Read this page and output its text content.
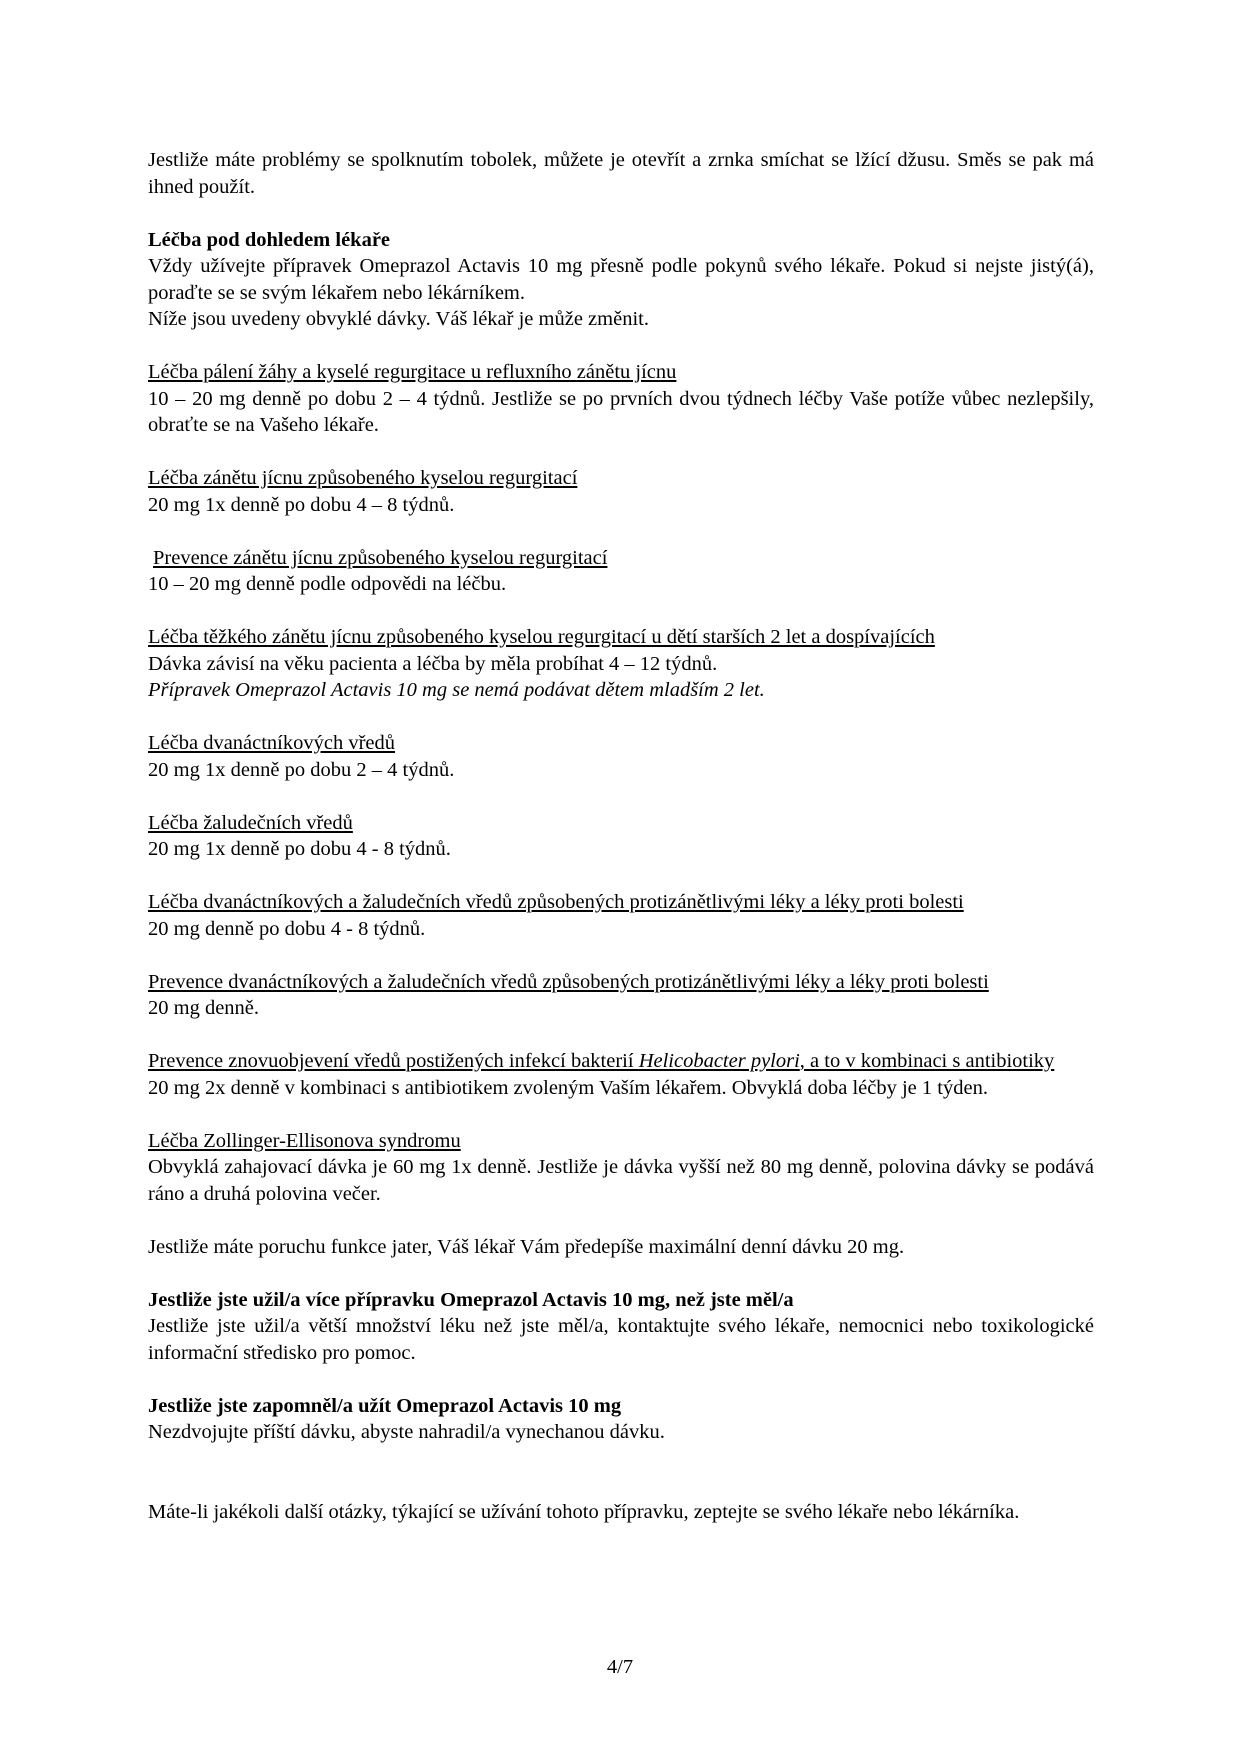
Jestliže máte problémy se spolknutím tobolek, můžete je otevřít a zrnka smíchat se lžící džusu. Směs se pak má ihned použít.

Léčba pod dohledem lékaře

Vždy užívejte přípravek Omeprazol Actavis 10 mg přesně podle pokynů svého lékaře. Pokud si nejste jistý(á), poraďte se se svým lékařem nebo lékárníkem.

Níže jsou uvedeny obvyklé dávky. Váš lékař je může změnit.

Léčba pálení žáhy a kyselé regurgitace u refluxního zánětu jícnu

10 – 20 mg denně po dobu 2 – 4 týdnů. Jestliže se po prvních dvou týdnech léčby Vaše potíže vůbec nezlepšily, obraťte se na Vašeho lékaře.

Léčba zánětu jícnu způsobeného kyselou regurgitací

20 mg 1x denně po dobu 4 – 8 týdnů.

Prevence zánětu jícnu způsobeného kyselou regurgitací

10 – 20 mg denně podle odpovědi na léčbu.

Léčba těžkého zánětu jícnu způsobeného kyselou regurgitací u dětí starších 2 let a dospívajících

Dávka závisí na věku pacienta a léčba by měla probíhat 4 – 12 týdnů.

Přípravek Omeprazol Actavis 10 mg se nemá podávat dětem mladším 2 let.

Léčba dvanáctníkových vředů

20 mg 1x denně po dobu 2 – 4 týdnů.

Léčba žaludečních vředů

20 mg 1x denně po dobu 4 - 8 týdnů.

Léčba dvanáctníkových a žaludečních vředů způsobených protizánětlivými léky a léky proti bolesti

20 mg denně po dobu 4 - 8 týdnů.

Prevence dvanáctníkových a žaludečních vředů způsobených protizánětlivými léky a léky proti bolesti

20 mg denně.

Prevence znovuobjevení vředů postižených infekcí bakterií Helicobacter pylori, a to v kombinaci s antibiotiky

20 mg 2x denně v kombinaci s antibiotikem zvoleným Vaším lékařem. Obvyklá doba léčby je 1 týden.

Léčba Zollinger-Ellisonova syndromu

Obvyklá zahajovací dávka je 60 mg 1x denně. Jestliže je dávka vyšší než 80 mg denně, polovina dávky se podává ráno a druhá polovina večer.

Jestliže máte poruchu funkce jater, Váš lékař Vám předepíše maximální denní dávku 20 mg.

Jestliže jste užil/a více přípravku Omeprazol Actavis 10 mg, než jste měl/a

Jestliže jste užil/a větší množství léku než jste měl/a, kontaktujte svého lékaře, nemocnici nebo toxikologické informační středisko pro pomoc.

Jestliže jste zapomněl/a užít Omeprazol Actavis 10 mg

Nezdvojujte příští dávku, abyste nahradil/a vynechanou dávku.

Máte-li jakékoli další otázky, týkající se užívání tohoto přípravku, zeptejte se svého lékaře nebo lékárníka.

4/7
